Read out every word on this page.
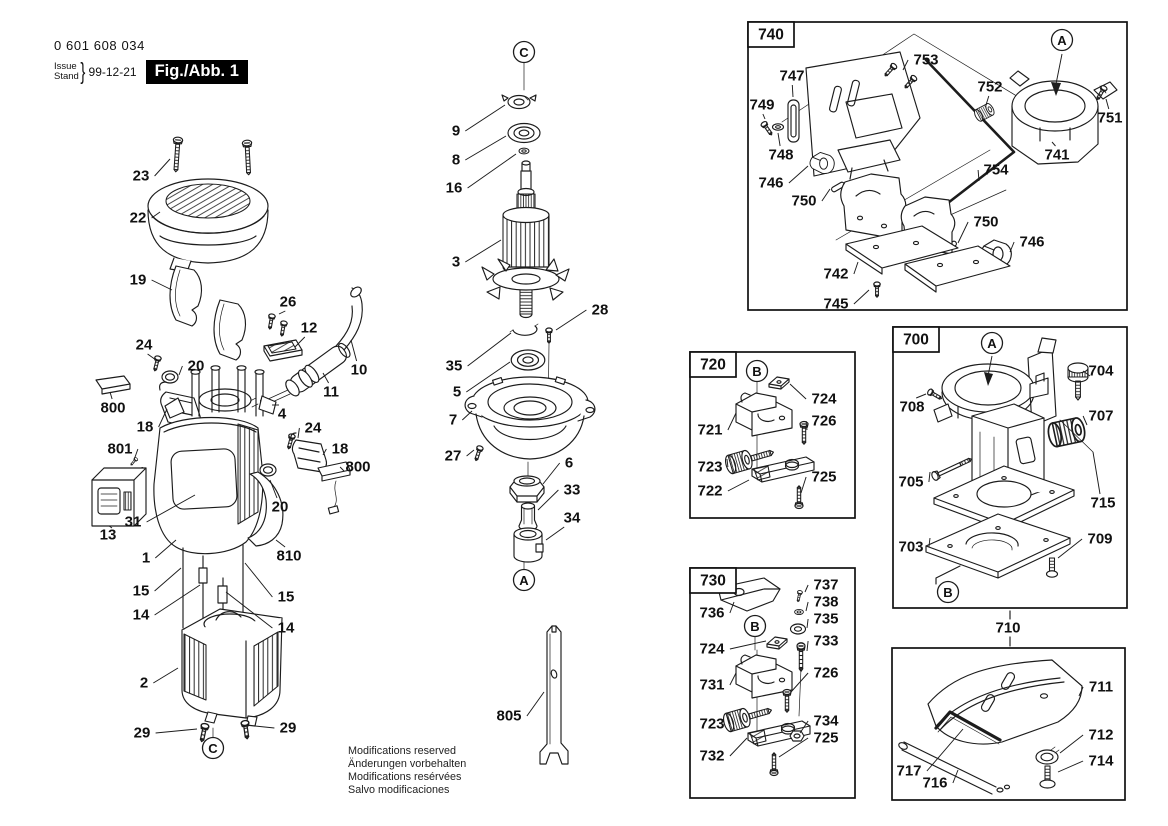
0 601 608 034
Issue
Stand } 99-12-21	Fig./Abb. 1
740
720
700
730
23
22
19
26
12
10
11
24
20
800
18
801
13
31
1
4
24
18
800
20
810
15
14
15
14
2
29	29
9
8
16
3
28
35
5
7
27	6
33
34
805
747
749
748
753
752
751
741
754
746
750
750
746
742
745
724
721
726
723
722
725
708
704
707
705
715
703	709
736
737
738
735
724	733
731
726
723
732
734
725
710
711
712
714
717
716
C
A
C
A
B
A
B
B
Modifications reserved
Änderungen vorbehalten
Modifications resérvées
Salvo modificaciones
